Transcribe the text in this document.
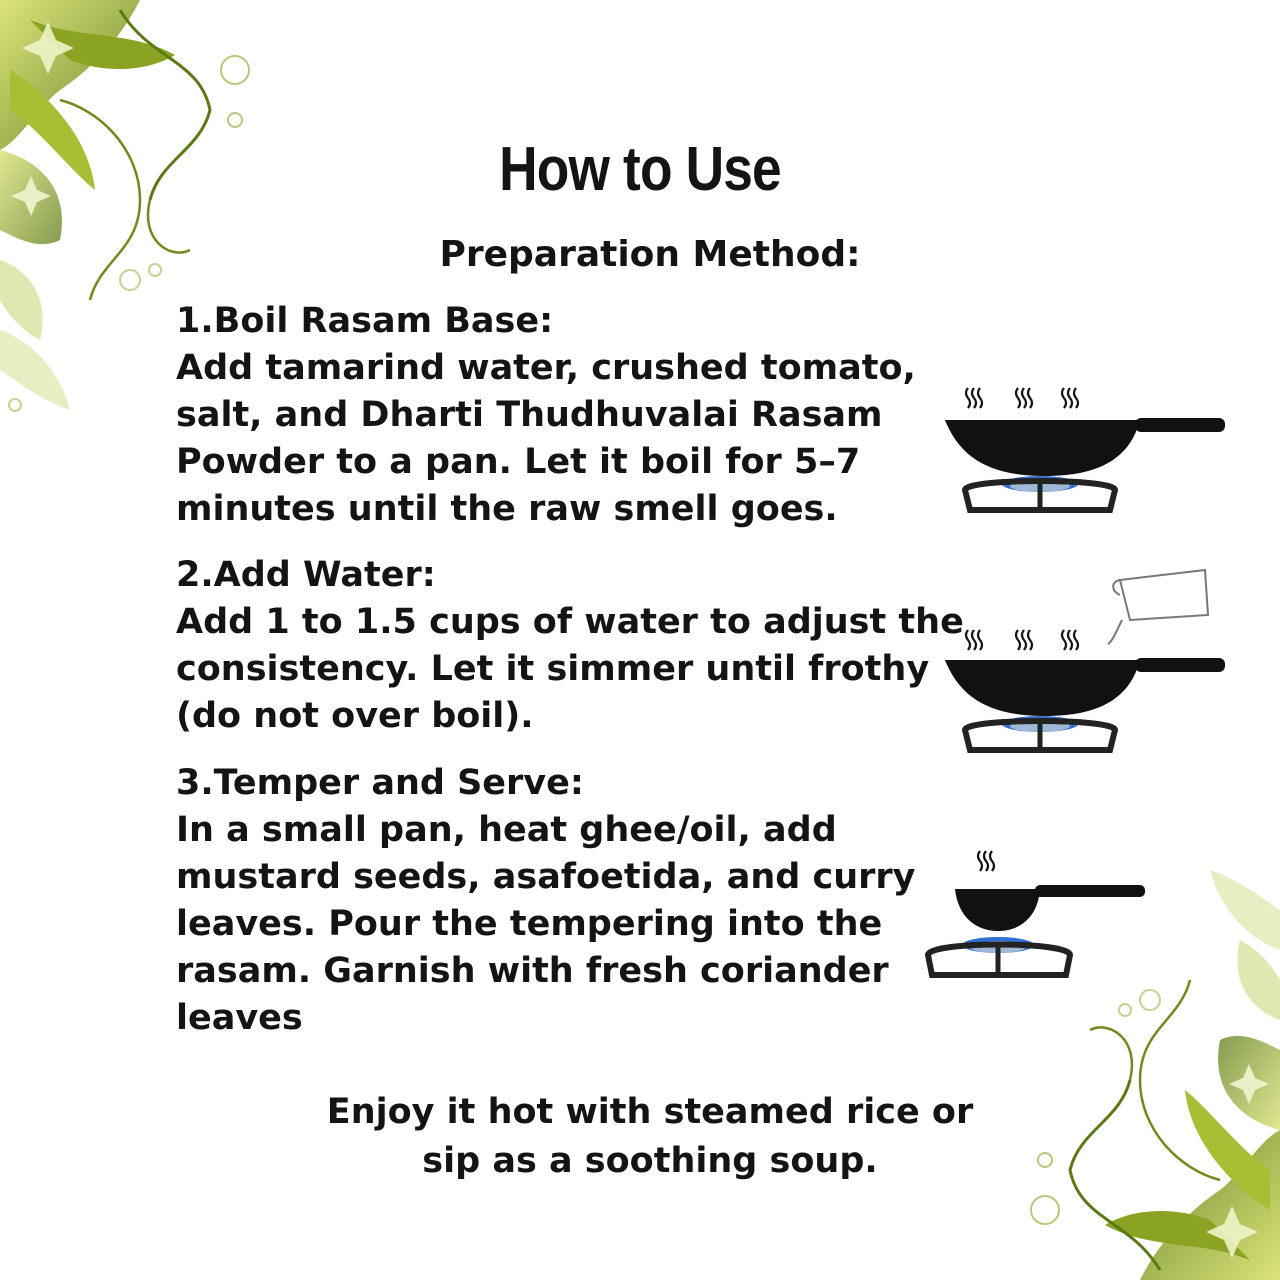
How to Use
Preparation Method:

1.Boil Rasam Base:

Add tamarind water, crushed tomato, salt, and Dharti Thudhuvalai Rasam Powder to a pan. Let it boil for 5–7 minutes until the raw smell goes.

2.Add Water:

Add 1 to 1.5 cups of water to adjust the consistency. Let it simmer until frothy (do not over boil).

3.Temper and Serve:

In a small pan, heat ghee/oil, add mustard seeds, asafoetida, and curry leaves. Pour the tempering into the rasam. Garnish with fresh coriander leaves

Enjoy it hot with steamed rice or

sip as a soothing soup.
